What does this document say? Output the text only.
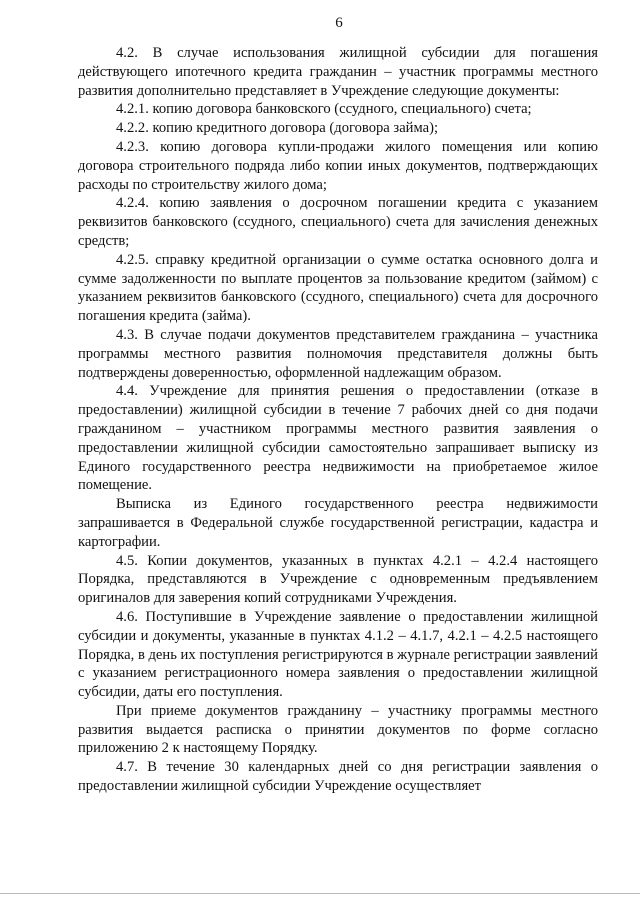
6

4.2. В случае использования жилищной субсидии для погашения действующего ипотечного кредита гражданин – участник программы местного развития дополнительно представляет в Учреждение следующие документы:

4.2.1. копию договора банковского (ссудного, специального) счета;

4.2.2. копию кредитного договора (договора займа);

4.2.3. копию договора купли-продажи жилого помещения или копию договора строительного подряда либо копии иных документов, подтверждающих расходы по строительству жилого дома;

4.2.4. копию заявления о досрочном погашении кредита с указанием реквизитов банковского (ссудного, специального) счета для зачисления денежных средств;

4.2.5. справку кредитной организации о сумме остатка основного долга и сумме задолженности по выплате процентов за пользование кредитом (займом) с указанием реквизитов банковского (ссудного, специального) счета для досрочного погашения кредита (займа).

4.3. В случае подачи документов представителем гражданина – участника программы местного развития полномочия представителя должны быть подтверждены доверенностью, оформленной надлежащим образом.

4.4. Учреждение для принятия решения о предоставлении (отказе в предоставлении) жилищной субсидии в течение 7 рабочих дней со дня подачи гражданином – участником программы местного развития заявления о предоставлении жилищной субсидии самостоятельно запрашивает выписку из Единого государственного реестра недвижимости на приобретаемое жилое помещение.

Выписка из Единого государственного реестра недвижимости запрашивается в Федеральной службе государственной регистрации, кадастра и картографии.

4.5. Копии документов, указанных в пунктах 4.2.1 – 4.2.4 настоящего Порядка, представляются в Учреждение с одновременным предъявлением оригиналов для заверения копий сотрудниками Учреждения.

4.6. Поступившие в Учреждение заявление о предоставлении жилищной субсидии и документы, указанные в пунктах 4.1.2 – 4.1.7, 4.2.1 – 4.2.5 настоящего Порядка, в день их поступления регистрируются в журнале регистрации заявлений с указанием регистрационного номера заявления о предоставлении жилищной субсидии, даты его поступления.

При приеме документов гражданину – участнику программы местного развития выдается расписка о принятии документов по форме согласно приложению 2 к настоящему Порядку.

4.7. В течение 30 календарных дней со дня регистрации заявления о предоставлении жилищной субсидии Учреждение осуществляет
